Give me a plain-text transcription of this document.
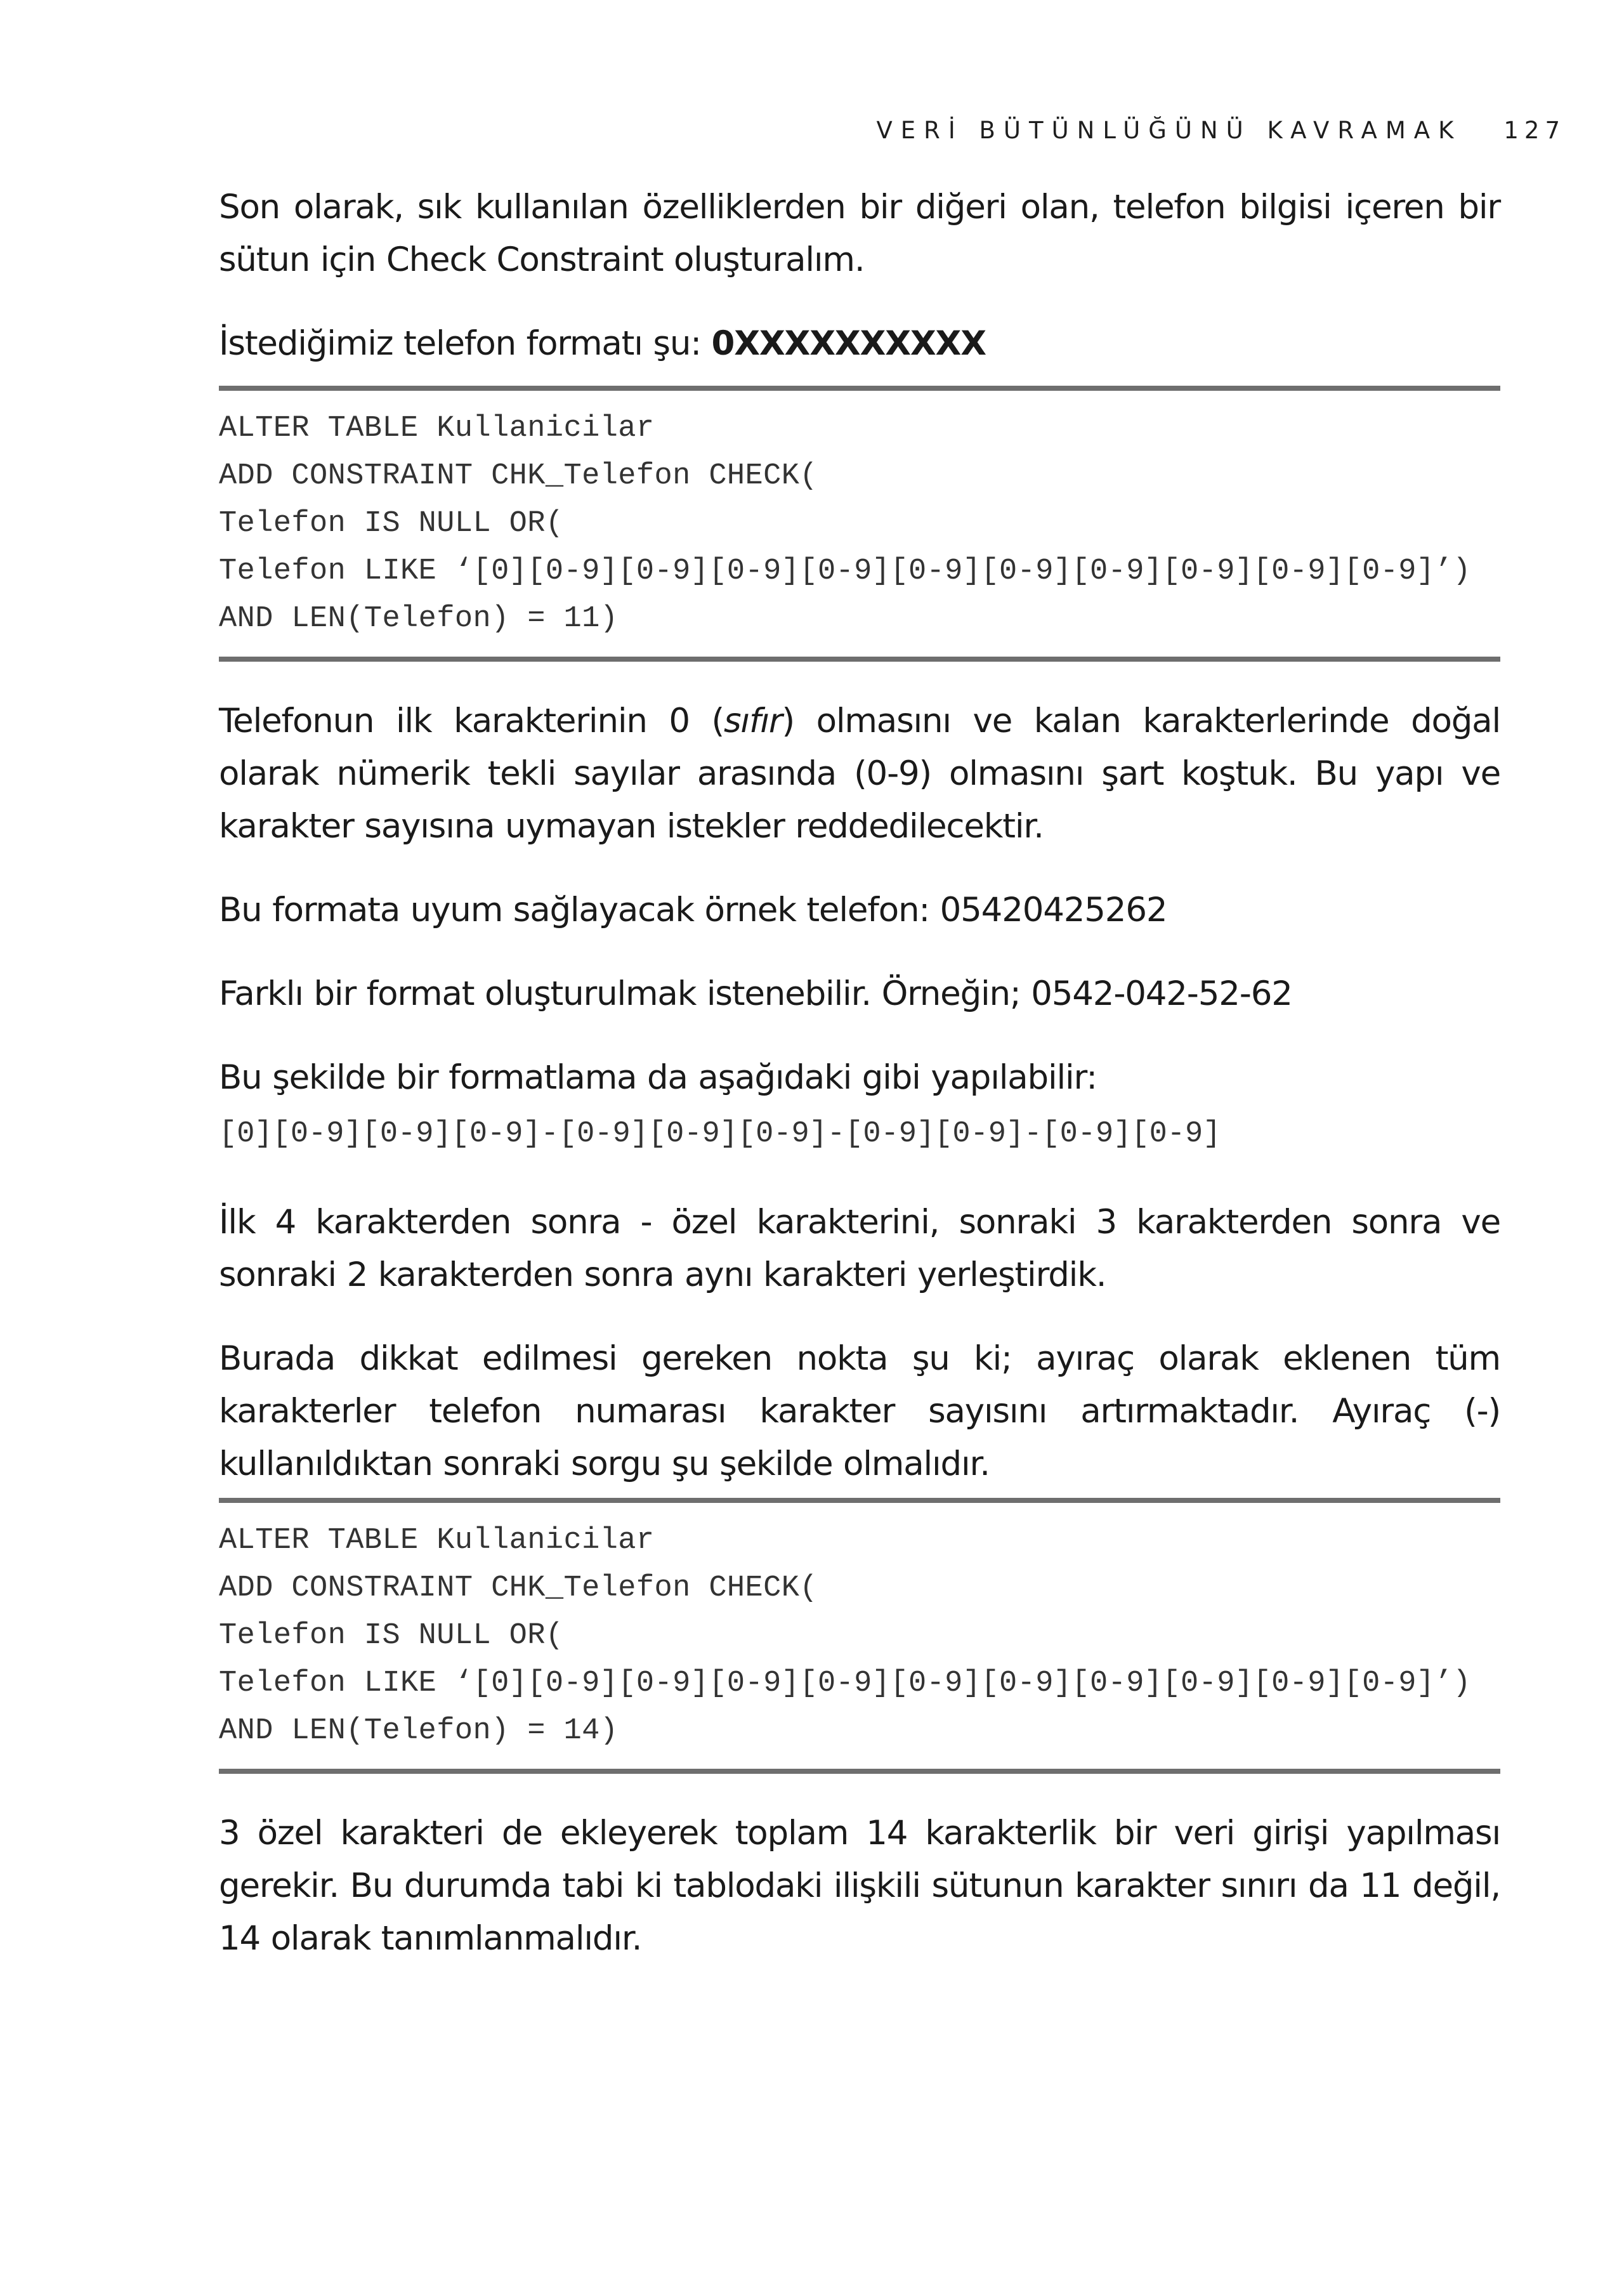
VERİ BÜTÜNLÜĞÜNÜ KAVRAMAK 127

Son olarak, sık kullanılan özelliklerden bir diğeri olan, telefon bilgisi içeren bir sütun için Check Constraint oluşturalım.

İstediğimiz telefon formatı şu: 0XXXXXXXXXX

ALTER TABLE Kullanicilar
ADD CONSTRAINT CHK_Telefon CHECK(
Telefon IS NULL OR(
Telefon LIKE ‘[0][0-9][0-9][0-9][0-9][0-9][0-9][0-9][0-9][0-9][0-9]’)
AND LEN(Telefon) = 11)

Telefonun ilk karakterinin 0 (sıfır) olmasını ve kalan karakterlerinde doğal olarak nümerik tekli sayılar arasında (0-9) olmasını şart koştuk. Bu yapı ve karakter sayısına uymayan istekler reddedilecektir.

Bu formata uyum sağlayacak örnek telefon: 05420425262

Farklı bir format oluşturulmak istenebilir. Örneğin; 0542-042-52-62

Bu şekilde bir formatlama da aşağıdaki gibi yapılabilir:

[0][0-9][0-9][0-9]-[0-9][0-9][0-9]-[0-9][0-9]-[0-9][0-9]

İlk 4 karakterden sonra - özel karakterini, sonraki 3 karakterden sonra ve sonraki 2 karakterden sonra aynı karakteri yerleştirdik.

Burada dikkat edilmesi gereken nokta şu ki; ayıraç olarak eklenen tüm karakterler telefon numarası karakter sayısını artırmaktadır. Ayıraç (-) kullanıldıktan sonraki sorgu şu şekilde olmalıdır.

ALTER TABLE Kullanicilar
ADD CONSTRAINT CHK_Telefon CHECK(
Telefon IS NULL OR(
Telefon LIKE ‘[0][0-9][0-9][0-9][0-9][0-9][0-9][0-9][0-9][0-9][0-9]’)
AND LEN(Telefon) = 14)

3 özel karakteri de ekleyerek toplam 14 karakterlik bir veri girişi yapılması gerekir. Bu durumda tabi ki tablodaki ilişkili sütunun karakter sınırı da 11 değil, 14 olarak tanımlanmalıdır.
